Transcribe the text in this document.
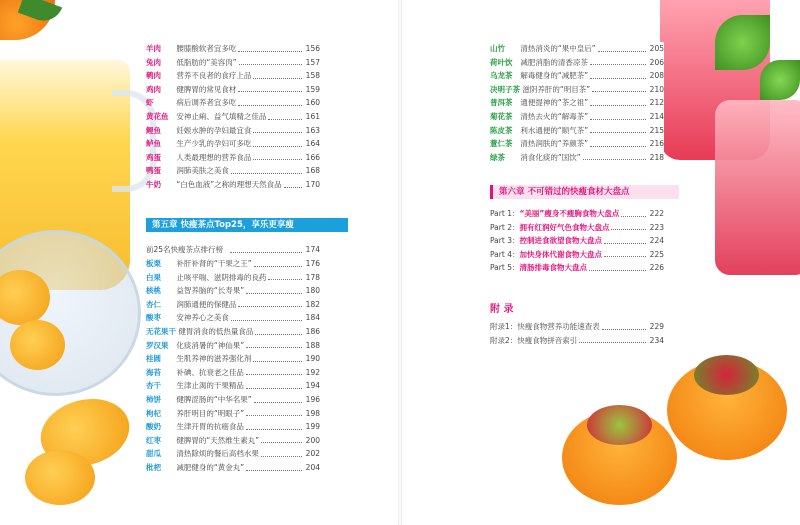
羊肉 腰膝酸软者宜多吃	156
兔肉 低脂肪的“美容肉”	157
鹌肉 营养不良者的食疗上品	158
鸡肉 健脾胃的常见食材	159
虾	病后调养者宜多吃	160
黄花鱼 安神止痢、益气填精之佳品	161
鲤鱼 妊娠水肿的孕妇最宜食	163
鲈鱼 生产少乳的孕妇可多吃	164
鸡蛋 人类最理想的营养食品	166
鸭蛋 润肺美肤之美食	168
牛奶 “白色血液”之称的理想天然食品	170
第五章 快瘦茶点Top25，享乐更享瘦
前25名快瘦茶点排行榜	174
板栗 补肝补肾的“干果之王”	176
白果 止咳平喘、滋阴排毒的良药	178
核桃 益智养脑的“长寿果”	180
杏仁 润肺通便的保健品	182
酸枣 安神养心之美食	184
无花果干 健胃消食的低热量食品	186
罗汉果 化痰消暑的“神仙果”	188
桂圆 生肌养神的滋养强化剂	190
海苔 补碘、抗衰老之佳品	192
杏干 生津止渴的干果精品	194
柿饼 健脾涩肠的“中华名果”	196
枸杞 养肝明目的“明眼子”	198
酸奶 生津开胃的抗癌食品	199
红枣 健脾胃的“天然维生素丸”	200
甜瓜 清热除烦的餐后高档水果	202
枇杷 减肥健身的“黄金丸”	204
山竹 清热消炎的“果中皇后”	205
荷叶饮 减肥消脂的清香凉茶	206
乌龙茶 解毒健身的“减肥茶”	208
决明子茶 滋阴养肝的“明目茶”	210
普洱茶 通便提神的“茶之祖”	212
菊花茶 清热去火的“解毒茶”	214
陈皮茶 利水通便的“顺气茶”	215
薏仁茶 清热润肤的“养颜茶”	216
绿茶 消食化痰的“国饮”	218
第六章 不可错过的快瘦食材大盘点
Part 1：“美丽”瘦身不瘦胸食物大盘点	222
Part 2：拥有红润好气色食物大盘点	223
Part 3：控制进食欲望食物大盘点	224
Part 4：加快身体代谢食物大盘点	225
Part 5：清肠排毒食物大盘点	226
附 录
附录1：快瘦食物营养功能速查表	229
附录2：快瘦食物拼音索引	234
